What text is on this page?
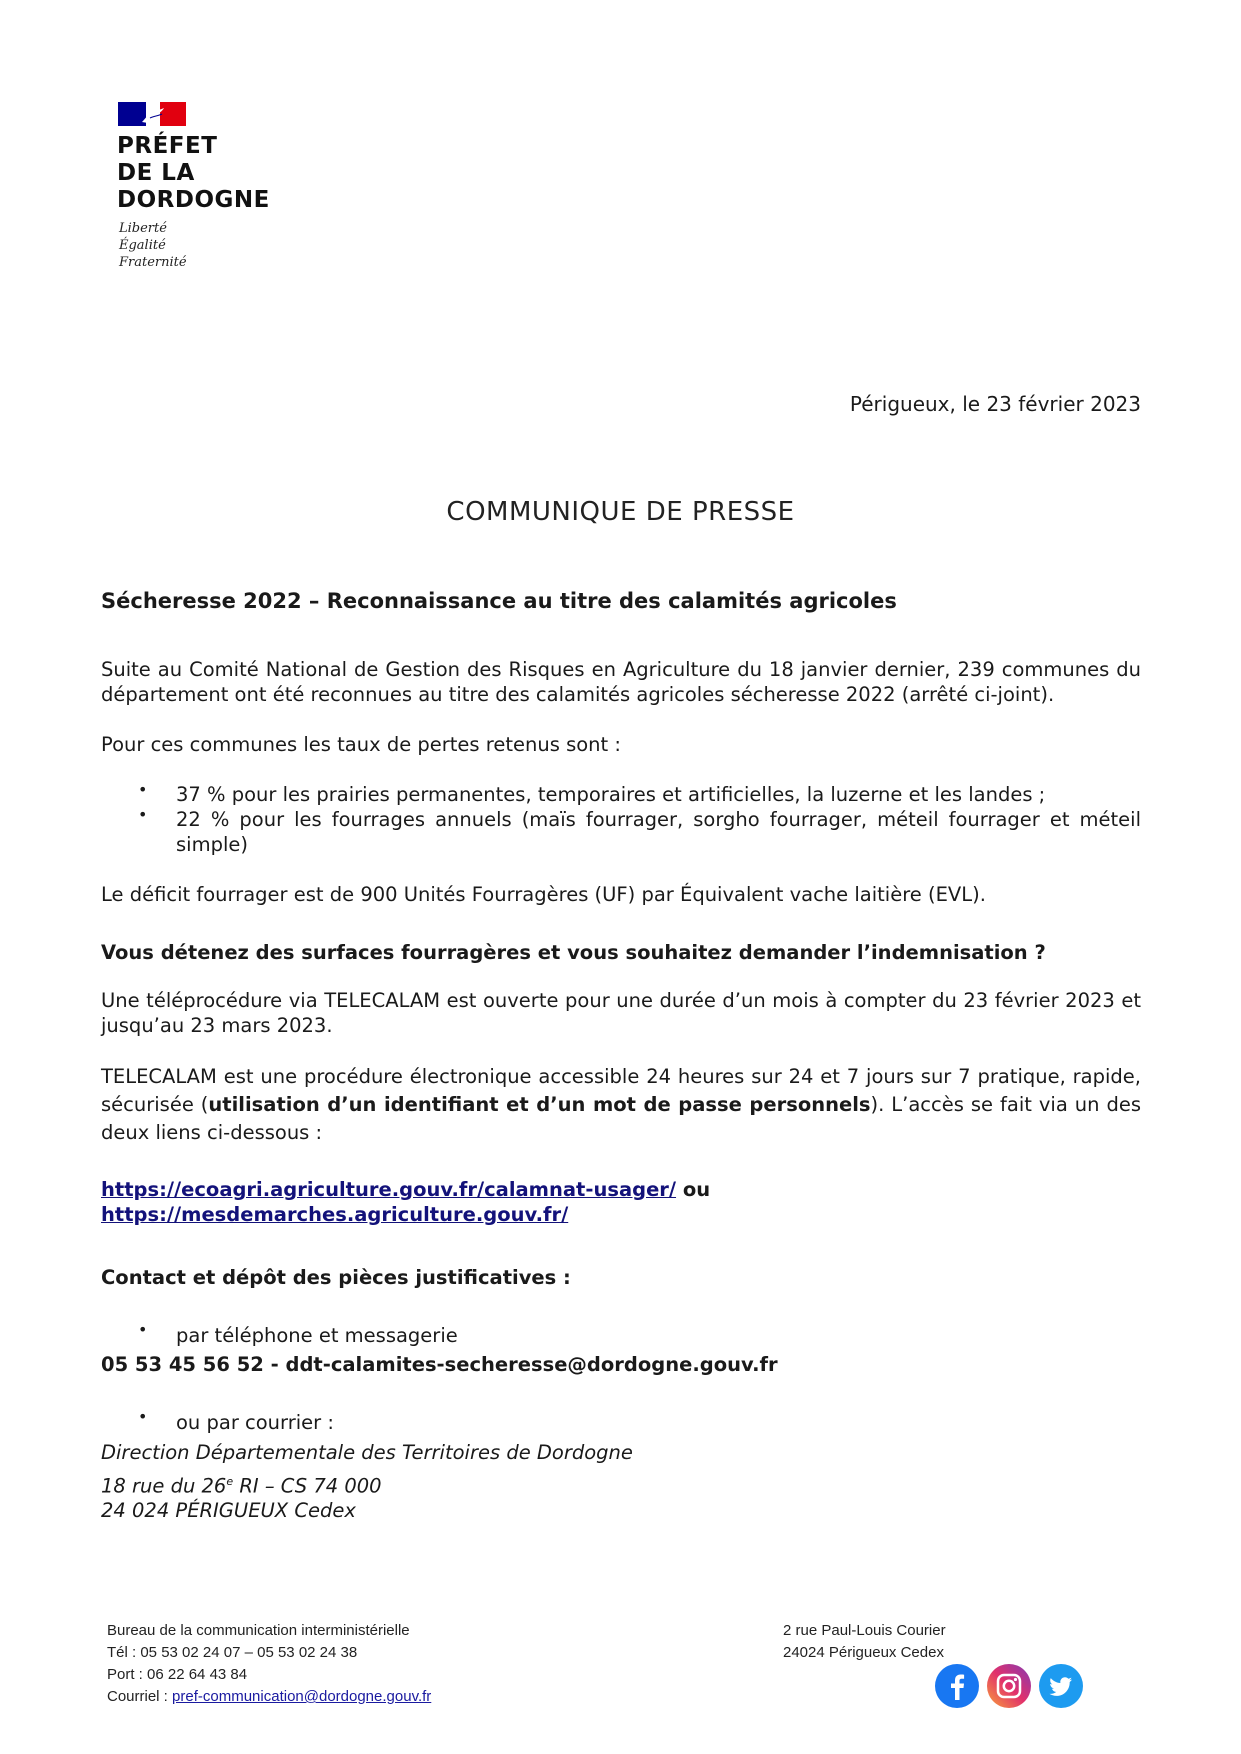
PRÉFET
DE LA
DORDOGNE
Liberté
Égalité
Fraternité
Périgueux, le 23 février 2023
COMMUNIQUE DE PRESSE
Sécheresse 2022 – Reconnaissance au titre des calamités agricoles
Suite au Comité National de Gestion des Risques en Agriculture du 18 janvier dernier, 239 communes du département ont été reconnues au titre des calamités agricoles sécheresse 2022 (arrêté ci-joint).
Pour ces communes les taux de pertes retenus sont :
• 37 % pour les prairies permanentes, temporaires et artificielles, la luzerne et les landes ;
• 22 % pour les fourrages annuels (maïs fourrager, sorgho fourrager, méteil fourrager et méteil simple)
Le déficit fourrager est de 900 Unités Fourragères (UF) par Équivalent vache laitière (EVL).
Vous détenez des surfaces fourragères et vous souhaitez demander l’indemnisation ?
Une téléprocédure via TELECALAM est ouverte pour une durée d’un mois à compter du 23 février 2023 et jusqu’au 23 mars 2023.
TELECALAM est une procédure électronique accessible 24 heures sur 24 et 7 jours sur 7 pratique, rapide, sécurisée (utilisation d’un identifiant et d’un mot de passe personnels). L’accès se fait via un des deux liens ci-dessous :
https://ecoagri.agriculture.gouv.fr/calamnat-usager/ ou https://mesdemarches.agriculture.gouv.fr/
Contact et dépôt des pièces justificatives :
• par téléphone et messagerie
05 53 45 56 52 - ddt-calamites-secheresse@dordogne.gouv.fr
• ou par courrier :
Direction Départementale des Territoires de Dordogne
18 rue du 26e RI – CS 74 000
24 024 PÉRIGUEUX Cedex
Bureau de la communication interministérielle
Tél : 05 53 02 24 07 – 05 53 02 24 38
Port : 06 22 64 43 84
Courriel : pref-communication@dordogne.gouv.fr
2 rue Paul-Louis Courier
24024 Périgueux Cedex
